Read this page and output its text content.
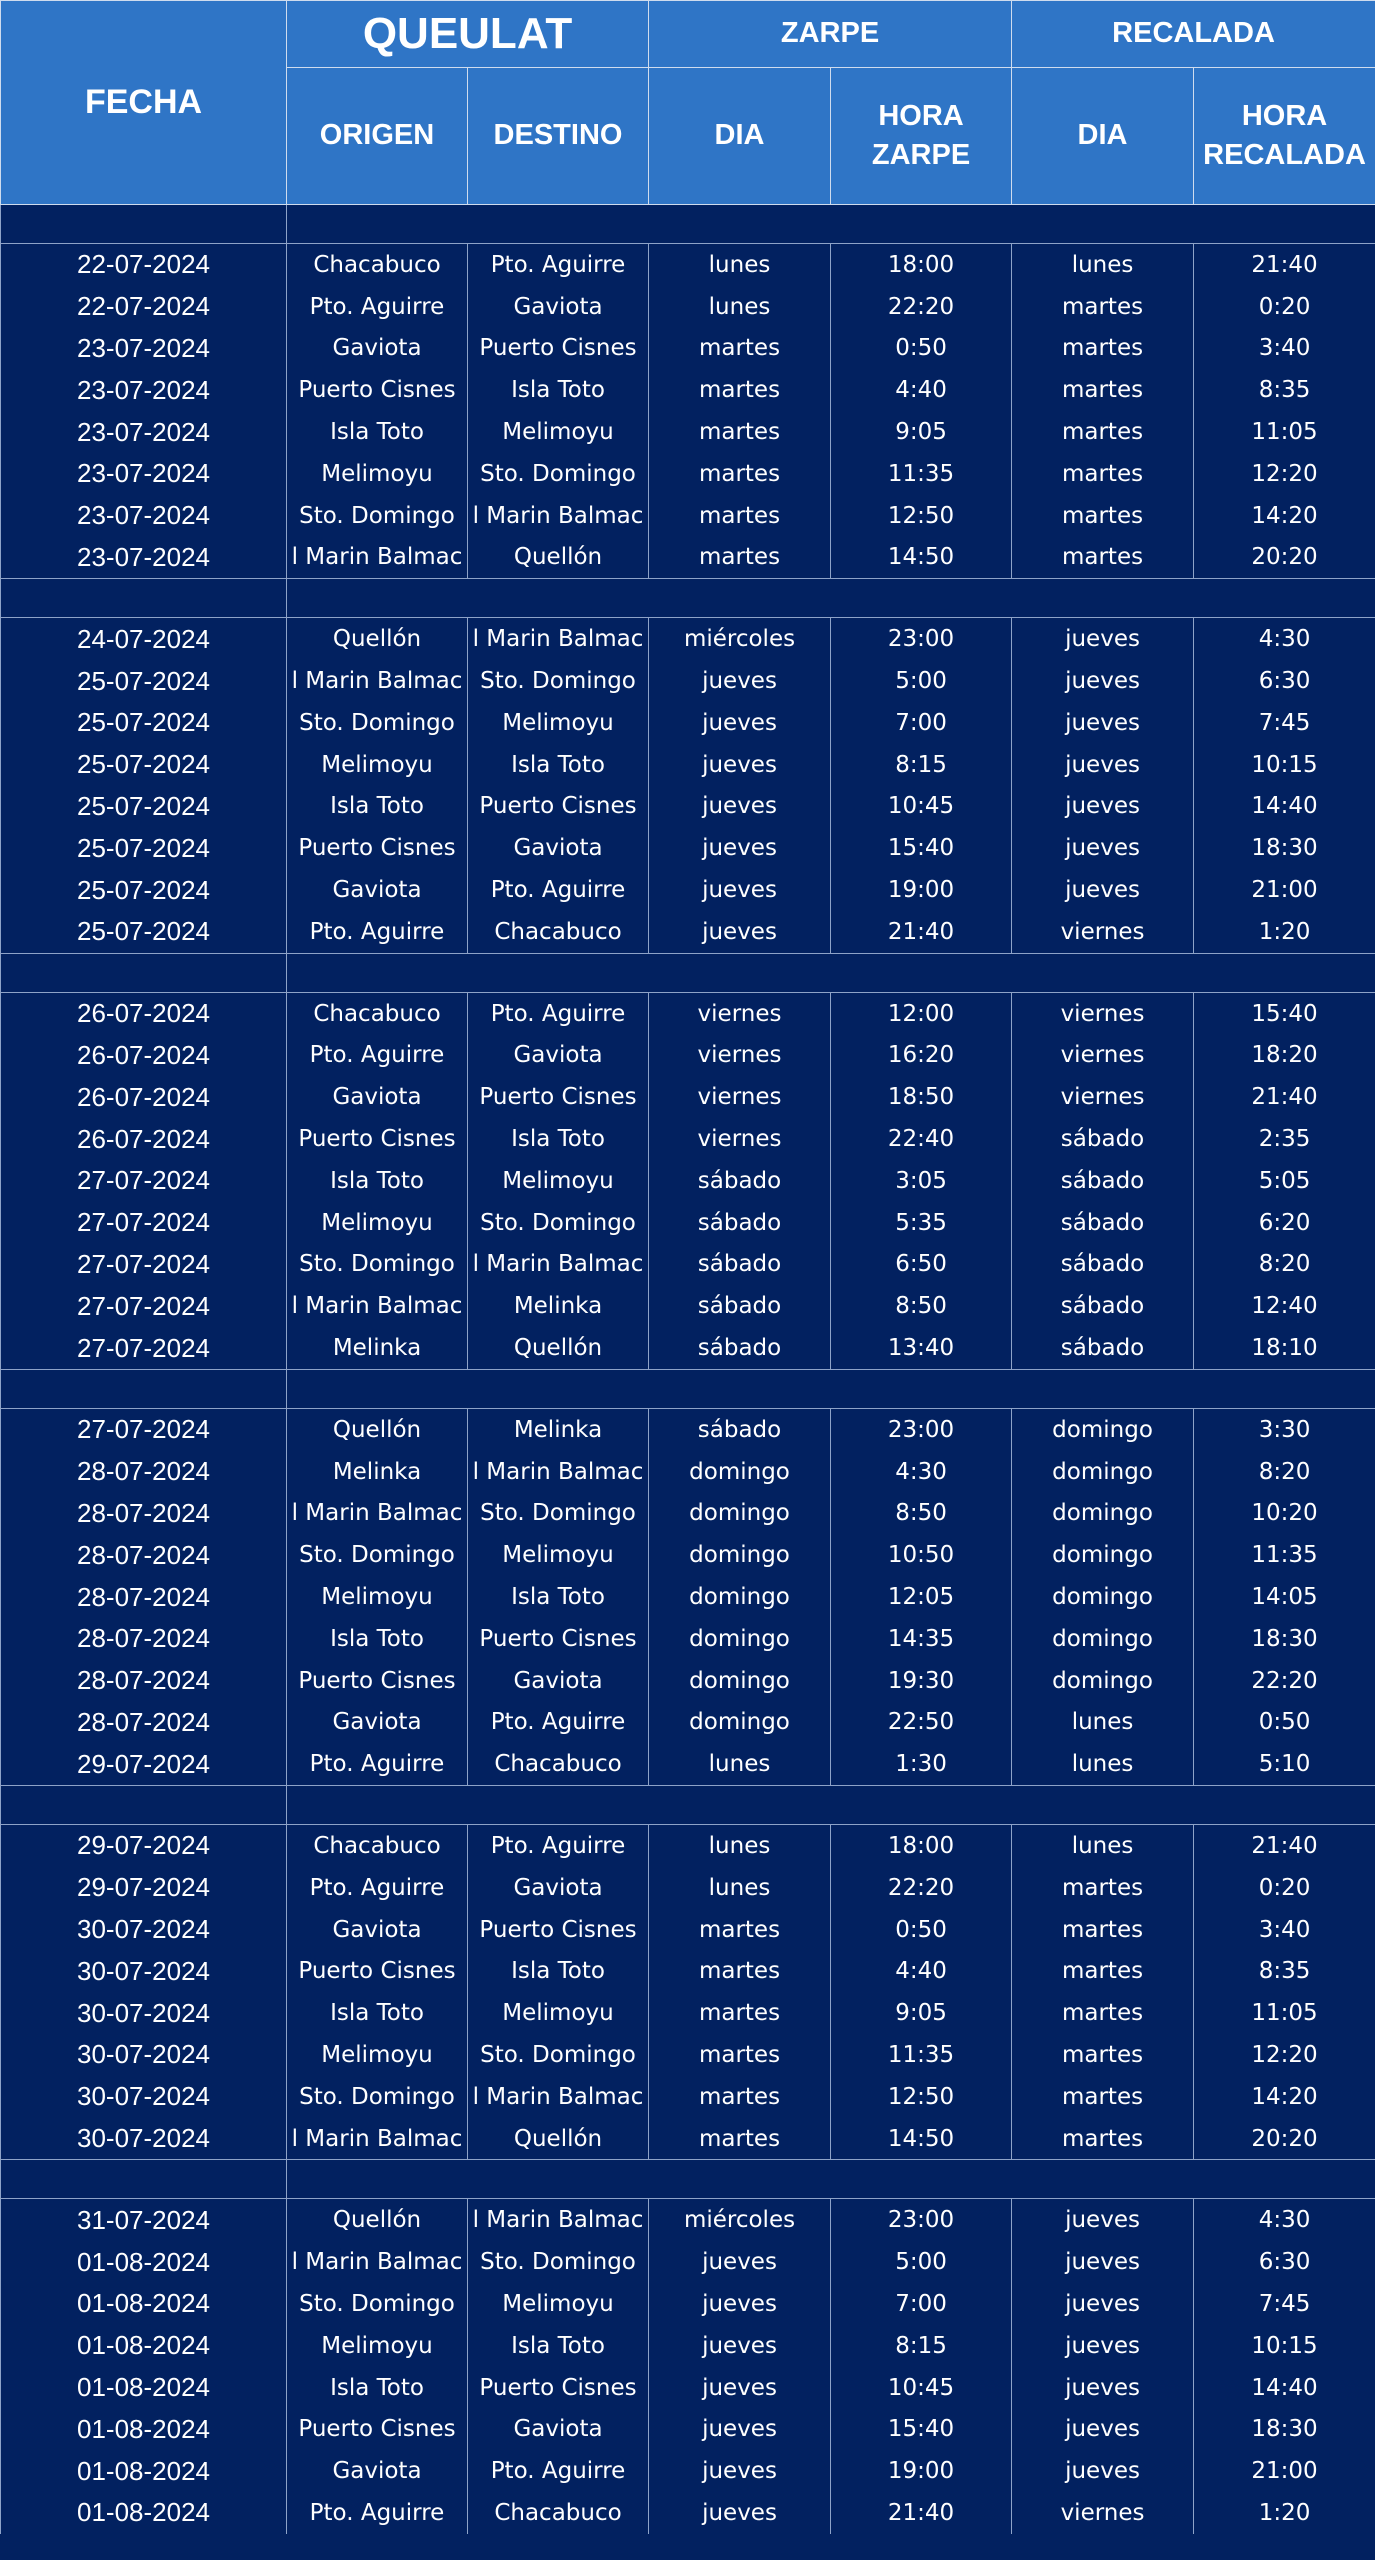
FECHA	QUEULAT		ZARPE		RECALADA	
	ORIGEN	DESTINO	DIA	HORA ZARPE	DIA	HORA RECALADA

22-07-2024	Chacabuco	Pto. Aguirre	lunes	18:00	lunes	21:40
22-07-2024	Pto. Aguirre	Gaviota	lunes	22:20	martes	0:20
23-07-2024	Gaviota	Puerto Cisnes	martes	0:50	martes	3:40
23-07-2024	Puerto Cisnes	Isla Toto	martes	4:40	martes	8:35
23-07-2024	Isla Toto	Melimoyu	martes	9:05	martes	11:05
23-07-2024	Melimoyu	Sto. Domingo	martes	11:35	martes	12:20
23-07-2024	Sto. Domingo	l Marin Balmac	martes	12:50	martes	14:20
23-07-2024	l Marin Balmac	Quellón	martes	14:50	martes	20:20

24-07-2024	Quellón	l Marin Balmac	miércoles	23:00	jueves	4:30
25-07-2024	l Marin Balmac	Sto. Domingo	jueves	5:00	jueves	6:30
25-07-2024	Sto. Domingo	Melimoyu	jueves	7:00	jueves	7:45
25-07-2024	Melimoyu	Isla Toto	jueves	8:15	jueves	10:15
25-07-2024	Isla Toto	Puerto Cisnes	jueves	10:45	jueves	14:40
25-07-2024	Puerto Cisnes	Gaviota	jueves	15:40	jueves	18:30
25-07-2024	Gaviota	Pto. Aguirre	jueves	19:00	jueves	21:00
25-07-2024	Pto. Aguirre	Chacabuco	jueves	21:40	viernes	1:20

26-07-2024	Chacabuco	Pto. Aguirre	viernes	12:00	viernes	15:40
26-07-2024	Pto. Aguirre	Gaviota	viernes	16:20	viernes	18:20
26-07-2024	Gaviota	Puerto Cisnes	viernes	18:50	viernes	21:40
26-07-2024	Puerto Cisnes	Isla Toto	viernes	22:40	sábado	2:35
27-07-2024	Isla Toto	Melimoyu	sábado	3:05	sábado	5:05
27-07-2024	Melimoyu	Sto. Domingo	sábado	5:35	sábado	6:20
27-07-2024	Sto. Domingo	l Marin Balmac	sábado	6:50	sábado	8:20
27-07-2024	l Marin Balmac	Melinka	sábado	8:50	sábado	12:40
27-07-2024	Melinka	Quellón	sábado	13:40	sábado	18:10

27-07-2024	Quellón	Melinka	sábado	23:00	domingo	3:30
28-07-2024	Melinka	l Marin Balmac	domingo	4:30	domingo	8:20
28-07-2024	l Marin Balmac	Sto. Domingo	domingo	8:50	domingo	10:20
28-07-2024	Sto. Domingo	Melimoyu	domingo	10:50	domingo	11:35
28-07-2024	Melimoyu	Isla Toto	domingo	12:05	domingo	14:05
28-07-2024	Isla Toto	Puerto Cisnes	domingo	14:35	domingo	18:30
28-07-2024	Puerto Cisnes	Gaviota	domingo	19:30	domingo	22:20
28-07-2024	Gaviota	Pto. Aguirre	domingo	22:50	lunes	0:50
29-07-2024	Pto. Aguirre	Chacabuco	lunes	1:30	lunes	5:10

29-07-2024	Chacabuco	Pto. Aguirre	lunes	18:00	lunes	21:40
29-07-2024	Pto. Aguirre	Gaviota	lunes	22:20	martes	0:20
30-07-2024	Gaviota	Puerto Cisnes	martes	0:50	martes	3:40
30-07-2024	Puerto Cisnes	Isla Toto	martes	4:40	martes	8:35
30-07-2024	Isla Toto	Melimoyu	martes	9:05	martes	11:05
30-07-2024	Melimoyu	Sto. Domingo	martes	11:35	martes	12:20
30-07-2024	Sto. Domingo	l Marin Balmac	martes	12:50	martes	14:20
30-07-2024	l Marin Balmac	Quellón	martes	14:50	martes	20:20

31-07-2024	Quellón	l Marin Balmac	miércoles	23:00	jueves	4:30
01-08-2024	l Marin Balmac	Sto. Domingo	jueves	5:00	jueves	6:30
01-08-2024	Sto. Domingo	Melimoyu	jueves	7:00	jueves	7:45
01-08-2024	Melimoyu	Isla Toto	jueves	8:15	jueves	10:15
01-08-2024	Isla Toto	Puerto Cisnes	jueves	10:45	jueves	14:40
01-08-2024	Puerto Cisnes	Gaviota	jueves	15:40	jueves	18:30
01-08-2024	Gaviota	Pto. Aguirre	jueves	19:00	jueves	21:00
01-08-2024	Pto. Aguirre	Chacabuco	jueves	21:40	viernes	1:20
